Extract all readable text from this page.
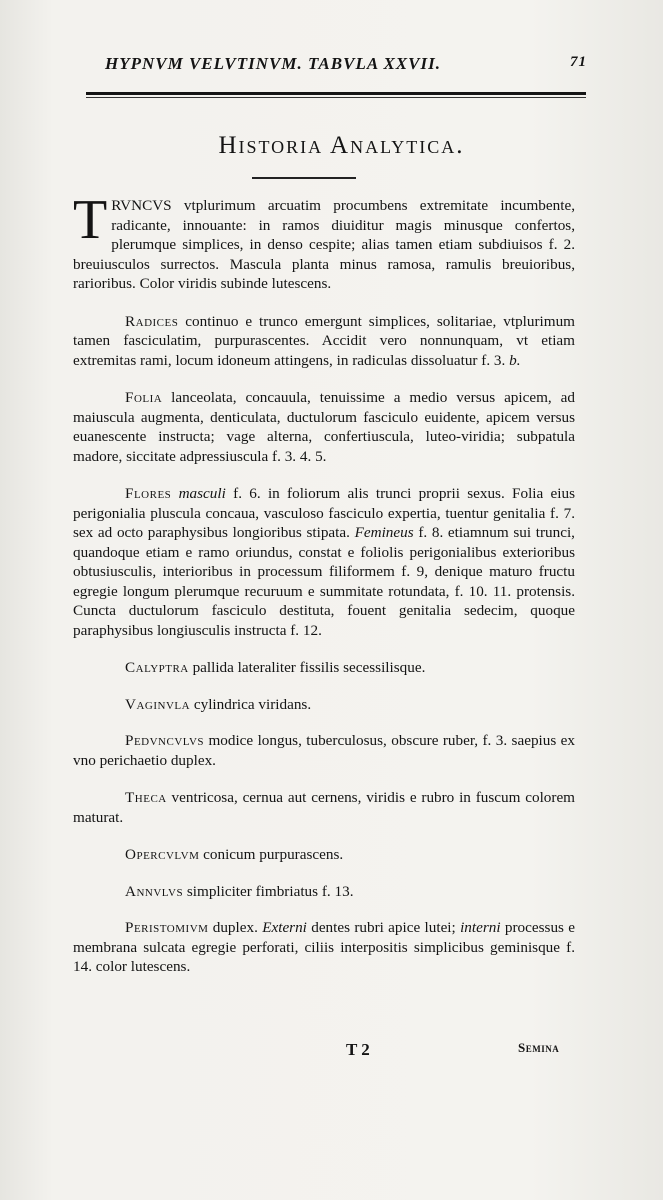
HYPNVM VELVTINVM. TABVLA XXVII.	71
Historia Analytica.

TRVNCVS vtplurimum arcuatim procumbens extremitate incumbente, radicante, innouante: in ramos diuiditur magis minusque confertos, plerumque simplices, in denso cespite; alias tamen etiam subdiuisos f. 2. breuiusculos surrectos. Mascula planta minus ramosa, ramulis breuioribus, rarioribus. Color viridis subinde lutescens.

Radices continuo e trunco emergunt simplices, solitariae, vtplurimum tamen fasciculatim, purpurascentes. Accidit vero nonnunquam, vt etiam extremitas rami, locum idoneum attingens, in radiculas dissoluatur f. 3. b.

Folia lanceolata, concauula, tenuissime a medio versus apicem, ad maiuscula augmenta, denticulata, ductulorum fasciculo euidente, apicem versus euanescente instructa; vage alterna, confertiuscula, luteo-viridia; subpatula madore, siccitate adpressiuscula f. 3. 4. 5.

Flores masculi f. 6. in foliorum alis trunci proprii sexus. Folia eius perigonialia pluscula concaua, vasculoso fasciculo expertia, tuentur genitalia f. 7. sex ad octo paraphysibus longioribus stipata. Femineus f. 8. etiamnum sui trunci, quandoque etiam e ramo oriundus, constat e foliolis perigonialibus exterioribus obtusiusculis, interioribus in processum filiformem f. 9, denique maturo fructu egregie longum plerumque recuruum e summitate rotundata, f. 10. 11. protensis. Cuncta ductulorum fasciculo destituta, fouent genitalia sedecim, quoque paraphysibus longiusculis instructa f. 12.

Calyptra pallida lateraliter fissilis secessilisque.

Vaginvla cylindrica viridans.

Pedvncvlvs modice longus, tuberculosus, obscure ruber, f. 3. saepius ex vno perichaetio duplex.

Theca ventricosa, cernua aut cernens, viridis e rubro in fuscum colorem maturat.

Opercvlvm conicum purpurascens.

Annvlvs simpliciter fimbriatus f. 13.

Peristomivm duplex. Externi dentes rubri apice lutei; interni processus e membrana sulcata egregie perforati, ciliis interpositis simplicibus geminisque f. 14. color lutescens.

T 2	Semina
